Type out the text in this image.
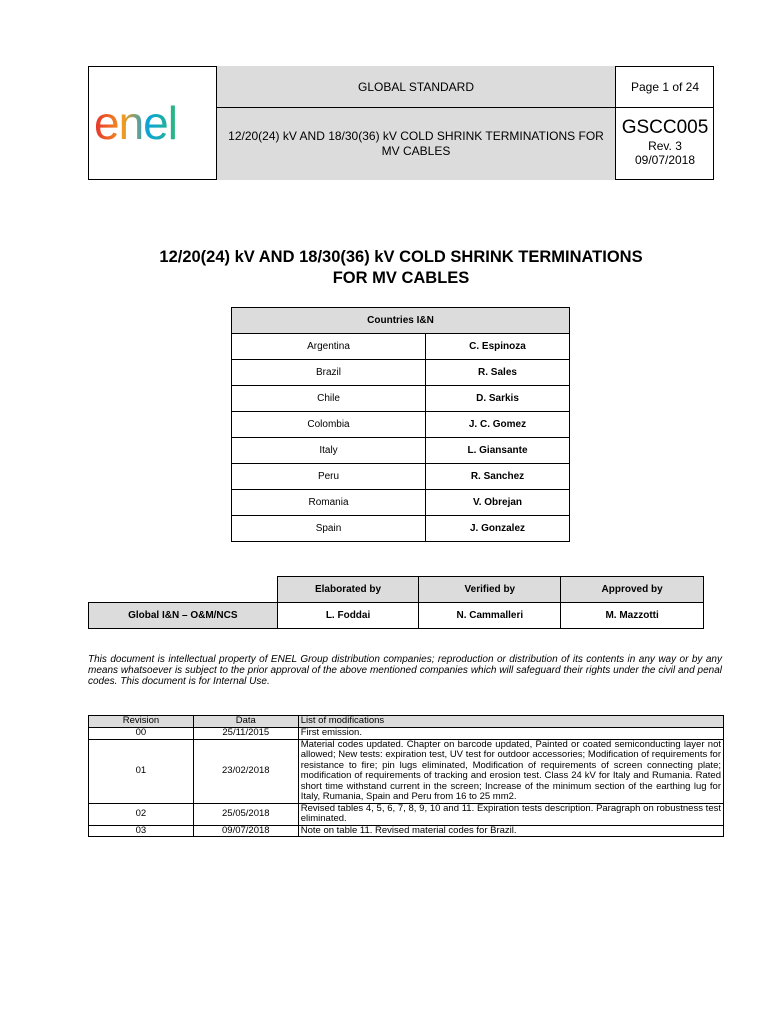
enel
GLOBAL STANDARD
12/20(24) kV AND 18/30(36) kV COLD SHRINK TERMINATIONS FOR MV CABLES
Page 1 of 24
GSCC005
Rev. 3
09/07/2018
12/20(24) kV AND 18/30(36) kV COLD SHRINK TERMINATIONS
FOR MV CABLES
Countries I&N	
Argentina	C. Espinoza
Brazil	R. Sales
Chile	D. Sarkis
Colombia	J. C. Gomez
Italy	L. Giansante
Peru	R. Sanchez
Romania	V. Obrejan
Spain	J. Gonzalez
	Elaborated by	Verified by	Approved by
Global I&N – O&M/NCS	L. Foddai	N. Cammalleri	M. Mazzotti
This document is intellectual property of ENEL Group distribution companies; reproduction or distribution of its contents in any way or by any means whatsoever is subject to the prior approval of the above mentioned companies which will safeguard their rights under the civil and penal codes. This document is for Internal Use.
Revision	Data	List of modifications
00	25/11/2015	First emission.
01	23/02/2018	Material codes updated. Chapter on barcode updated, Painted or coated semiconducting layer not allowed; New tests: expiration test, UV test for outdoor accessories; Modification of requirements for resistance to fire; pin lugs eliminated, Modification of requirements of screen connecting plate; modification of requirements of tracking and erosion test. Class 24 kV for Italy and Rumania. Rated short time withstand current in the screen; Increase of the minimum section of the earthing lug for Italy, Rumania, Spain and Peru from 16 to 25 mm2.
02	25/05/2018	Revised tables 4, 5, 6, 7, 8, 9, 10 and 11. Expiration tests description. Paragraph on robustness test eliminated.
03	09/07/2018	Note on table 11. Revised material codes for Brazil.
